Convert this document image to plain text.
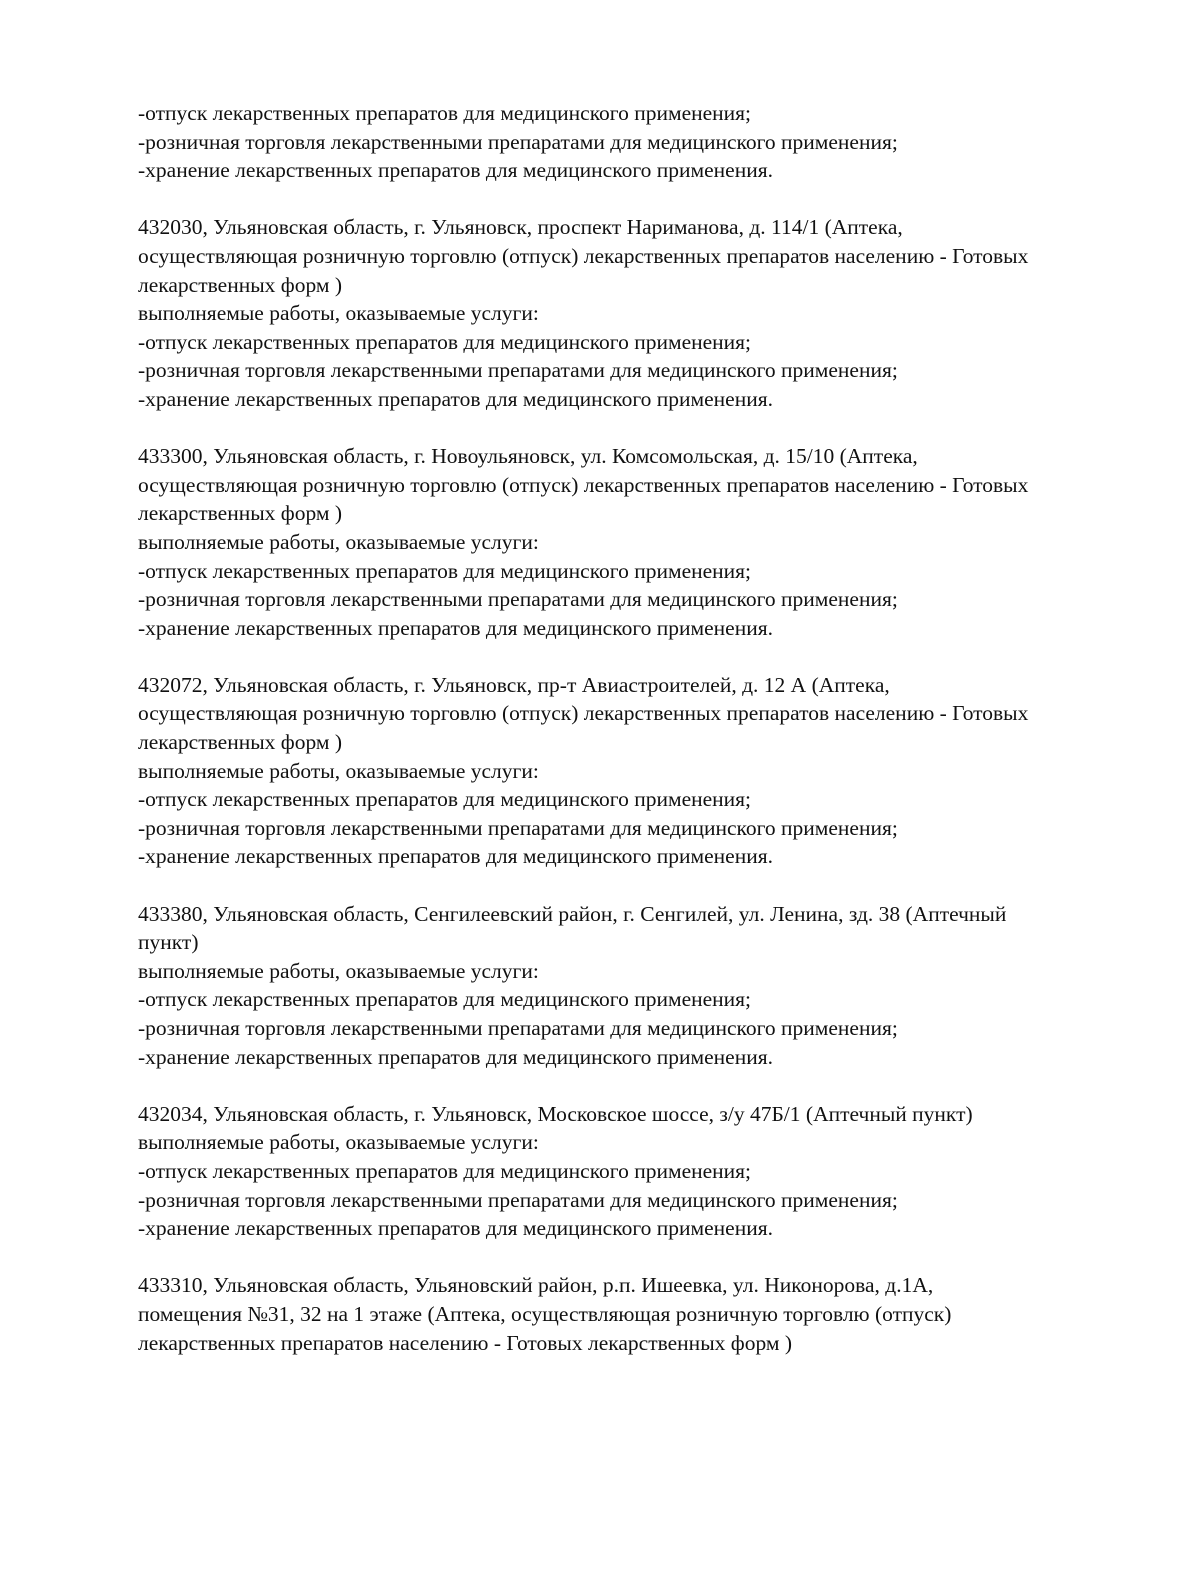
-отпуск лекарственных препаратов для медицинского применения;
-розничная торговля лекарственными препаратами для медицинского применения;
-хранение лекарственных препаратов для медицинского применения.
432030, Ульяновская область, г. Ульяновск, проспект Нариманова, д. 114/1 (Аптека,
осуществляющая розничную торговлю (отпуск) лекарственных препаратов населению - Готовых
лекарственных форм )
выполняемые работы, оказываемые услуги:
-отпуск лекарственных препаратов для медицинского применения;
-розничная торговля лекарственными препаратами для медицинского применения;
-хранение лекарственных препаратов для медицинского применения.
433300, Ульяновская область, г. Новоульяновск, ул. Комсомольская, д. 15/10 (Аптека,
осуществляющая розничную торговлю (отпуск) лекарственных препаратов населению - Готовых
лекарственных форм )
выполняемые работы, оказываемые услуги:
-отпуск лекарственных препаратов для медицинского применения;
-розничная торговля лекарственными препаратами для медицинского применения;
-хранение лекарственных препаратов для медицинского применения.
432072, Ульяновская область, г. Ульяновск, пр-т Авиастроителей, д. 12 А (Аптека,
осуществляющая розничную торговлю (отпуск) лекарственных препаратов населению - Готовых
лекарственных форм )
выполняемые работы, оказываемые услуги:
-отпуск лекарственных препаратов для медицинского применения;
-розничная торговля лекарственными препаратами для медицинского применения;
-хранение лекарственных препаратов для медицинского применения.
433380, Ульяновская область, Сенгилеевский район, г. Сенгилей, ул. Ленина, зд. 38 (Аптечный
пункт)
выполняемые работы, оказываемые услуги:
-отпуск лекарственных препаратов для медицинского применения;
-розничная торговля лекарственными препаратами для медицинского применения;
-хранение лекарственных препаратов для медицинского применения.
432034, Ульяновская область, г. Ульяновск, Московское шоссе, з/у 47Б/1 (Аптечный пункт)
выполняемые работы, оказываемые услуги:
-отпуск лекарственных препаратов для медицинского применения;
-розничная торговля лекарственными препаратами для медицинского применения;
-хранение лекарственных препаратов для медицинского применения.
433310, Ульяновская область, Ульяновский район, р.п. Ишеевка, ул. Никонорова, д.1А,
помещения №31, 32 на 1 этаже (Аптека, осуществляющая розничную торговлю (отпуск)
лекарственных препаратов населению - Готовых лекарственных форм )
